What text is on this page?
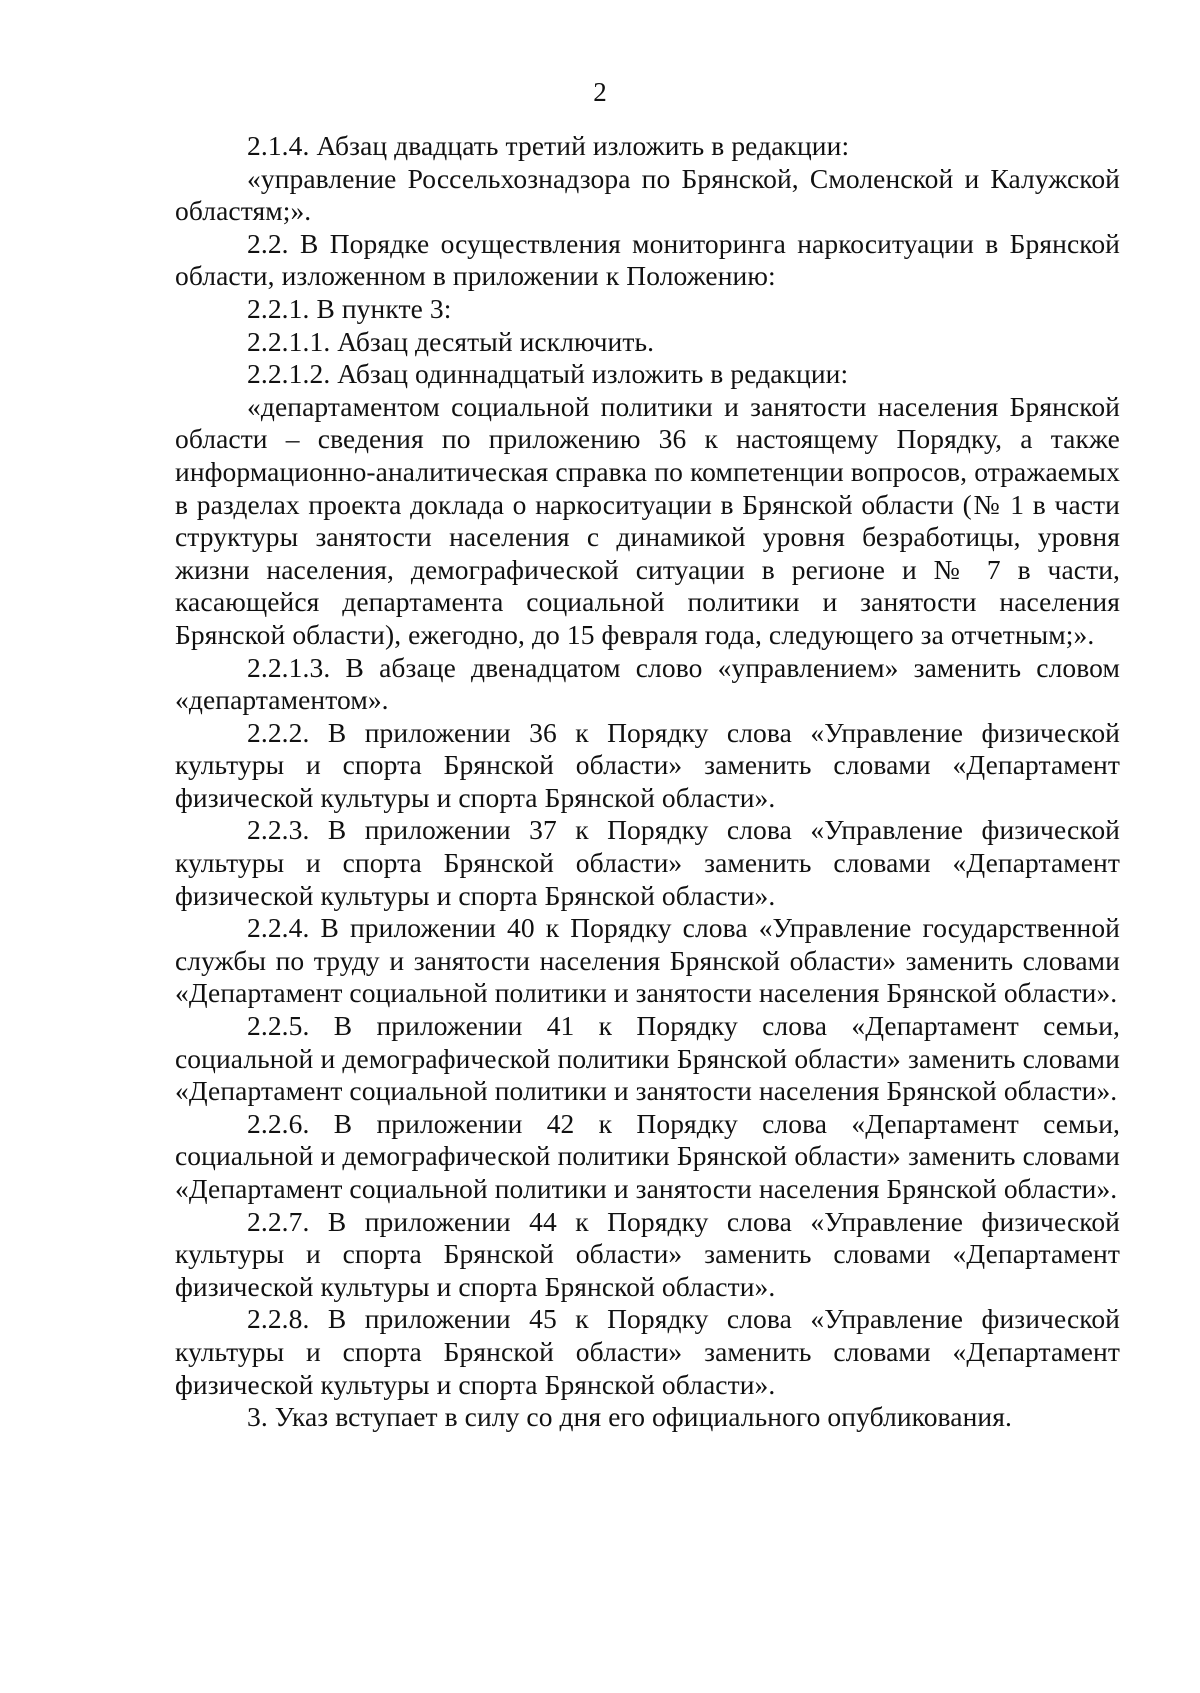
2

2.1.4. Абзац двадцать третий изложить в редакции:

«управление Россельхознадзора по Брянской, Смоленской и Калужской областям;».

2.2. В Порядке осуществления мониторинга наркоситуации в Брянской области, изложенном в приложении к Положению:

2.2.1. В пункте 3:

2.2.1.1. Абзац десятый исключить.

2.2.1.2. Абзац одиннадцатый изложить в редакции:

«департаментом социальной политики и занятости населения Брянской области – сведения по приложению 36 к настоящему Порядку, а также информационно-аналитическая справка по компетенции вопросов, отражаемых в разделах проекта доклада о наркоситуации в Брянской области (№ 1 в части структуры занятости населения с динамикой уровня безработицы, уровня жизни населения, демографической ситуации в регионе и № 7 в части, касающейся департамента социальной политики и занятости населения Брянской области), ежегодно, до 15 февраля года, следующего за отчетным;».

2.2.1.3. В абзаце двенадцатом слово «управлением» заменить словом «департаментом».

2.2.2. В приложении 36 к Порядку слова «Управление физической культуры и спорта Брянской области» заменить словами «Департамент физической культуры и спорта Брянской области».

2.2.3. В приложении 37 к Порядку слова «Управление физической культуры и спорта Брянской области» заменить словами «Департамент физической культуры и спорта Брянской области».

2.2.4. В приложении 40 к Порядку слова «Управление государственной службы по труду и занятости населения Брянской области» заменить словами «Департамент социальной политики и занятости населения Брянской области».

2.2.5. В приложении 41 к Порядку слова «Департамент семьи, социальной и демографической политики Брянской области» заменить словами «Департамент социальной политики и занятости населения Брянской области».

2.2.6. В приложении 42 к Порядку слова «Департамент семьи, социальной и демографической политики Брянской области» заменить словами «Департамент социальной политики и занятости населения Брянской области».

2.2.7. В приложении 44 к Порядку слова «Управление физической культуры и спорта Брянской области» заменить словами «Департамент физической культуры и спорта Брянской области».

2.2.8. В приложении 45 к Порядку слова «Управление физической культуры и спорта Брянской области» заменить словами «Департамент физической культуры и спорта Брянской области».

3. Указ вступает в силу со дня его официального опубликования.
